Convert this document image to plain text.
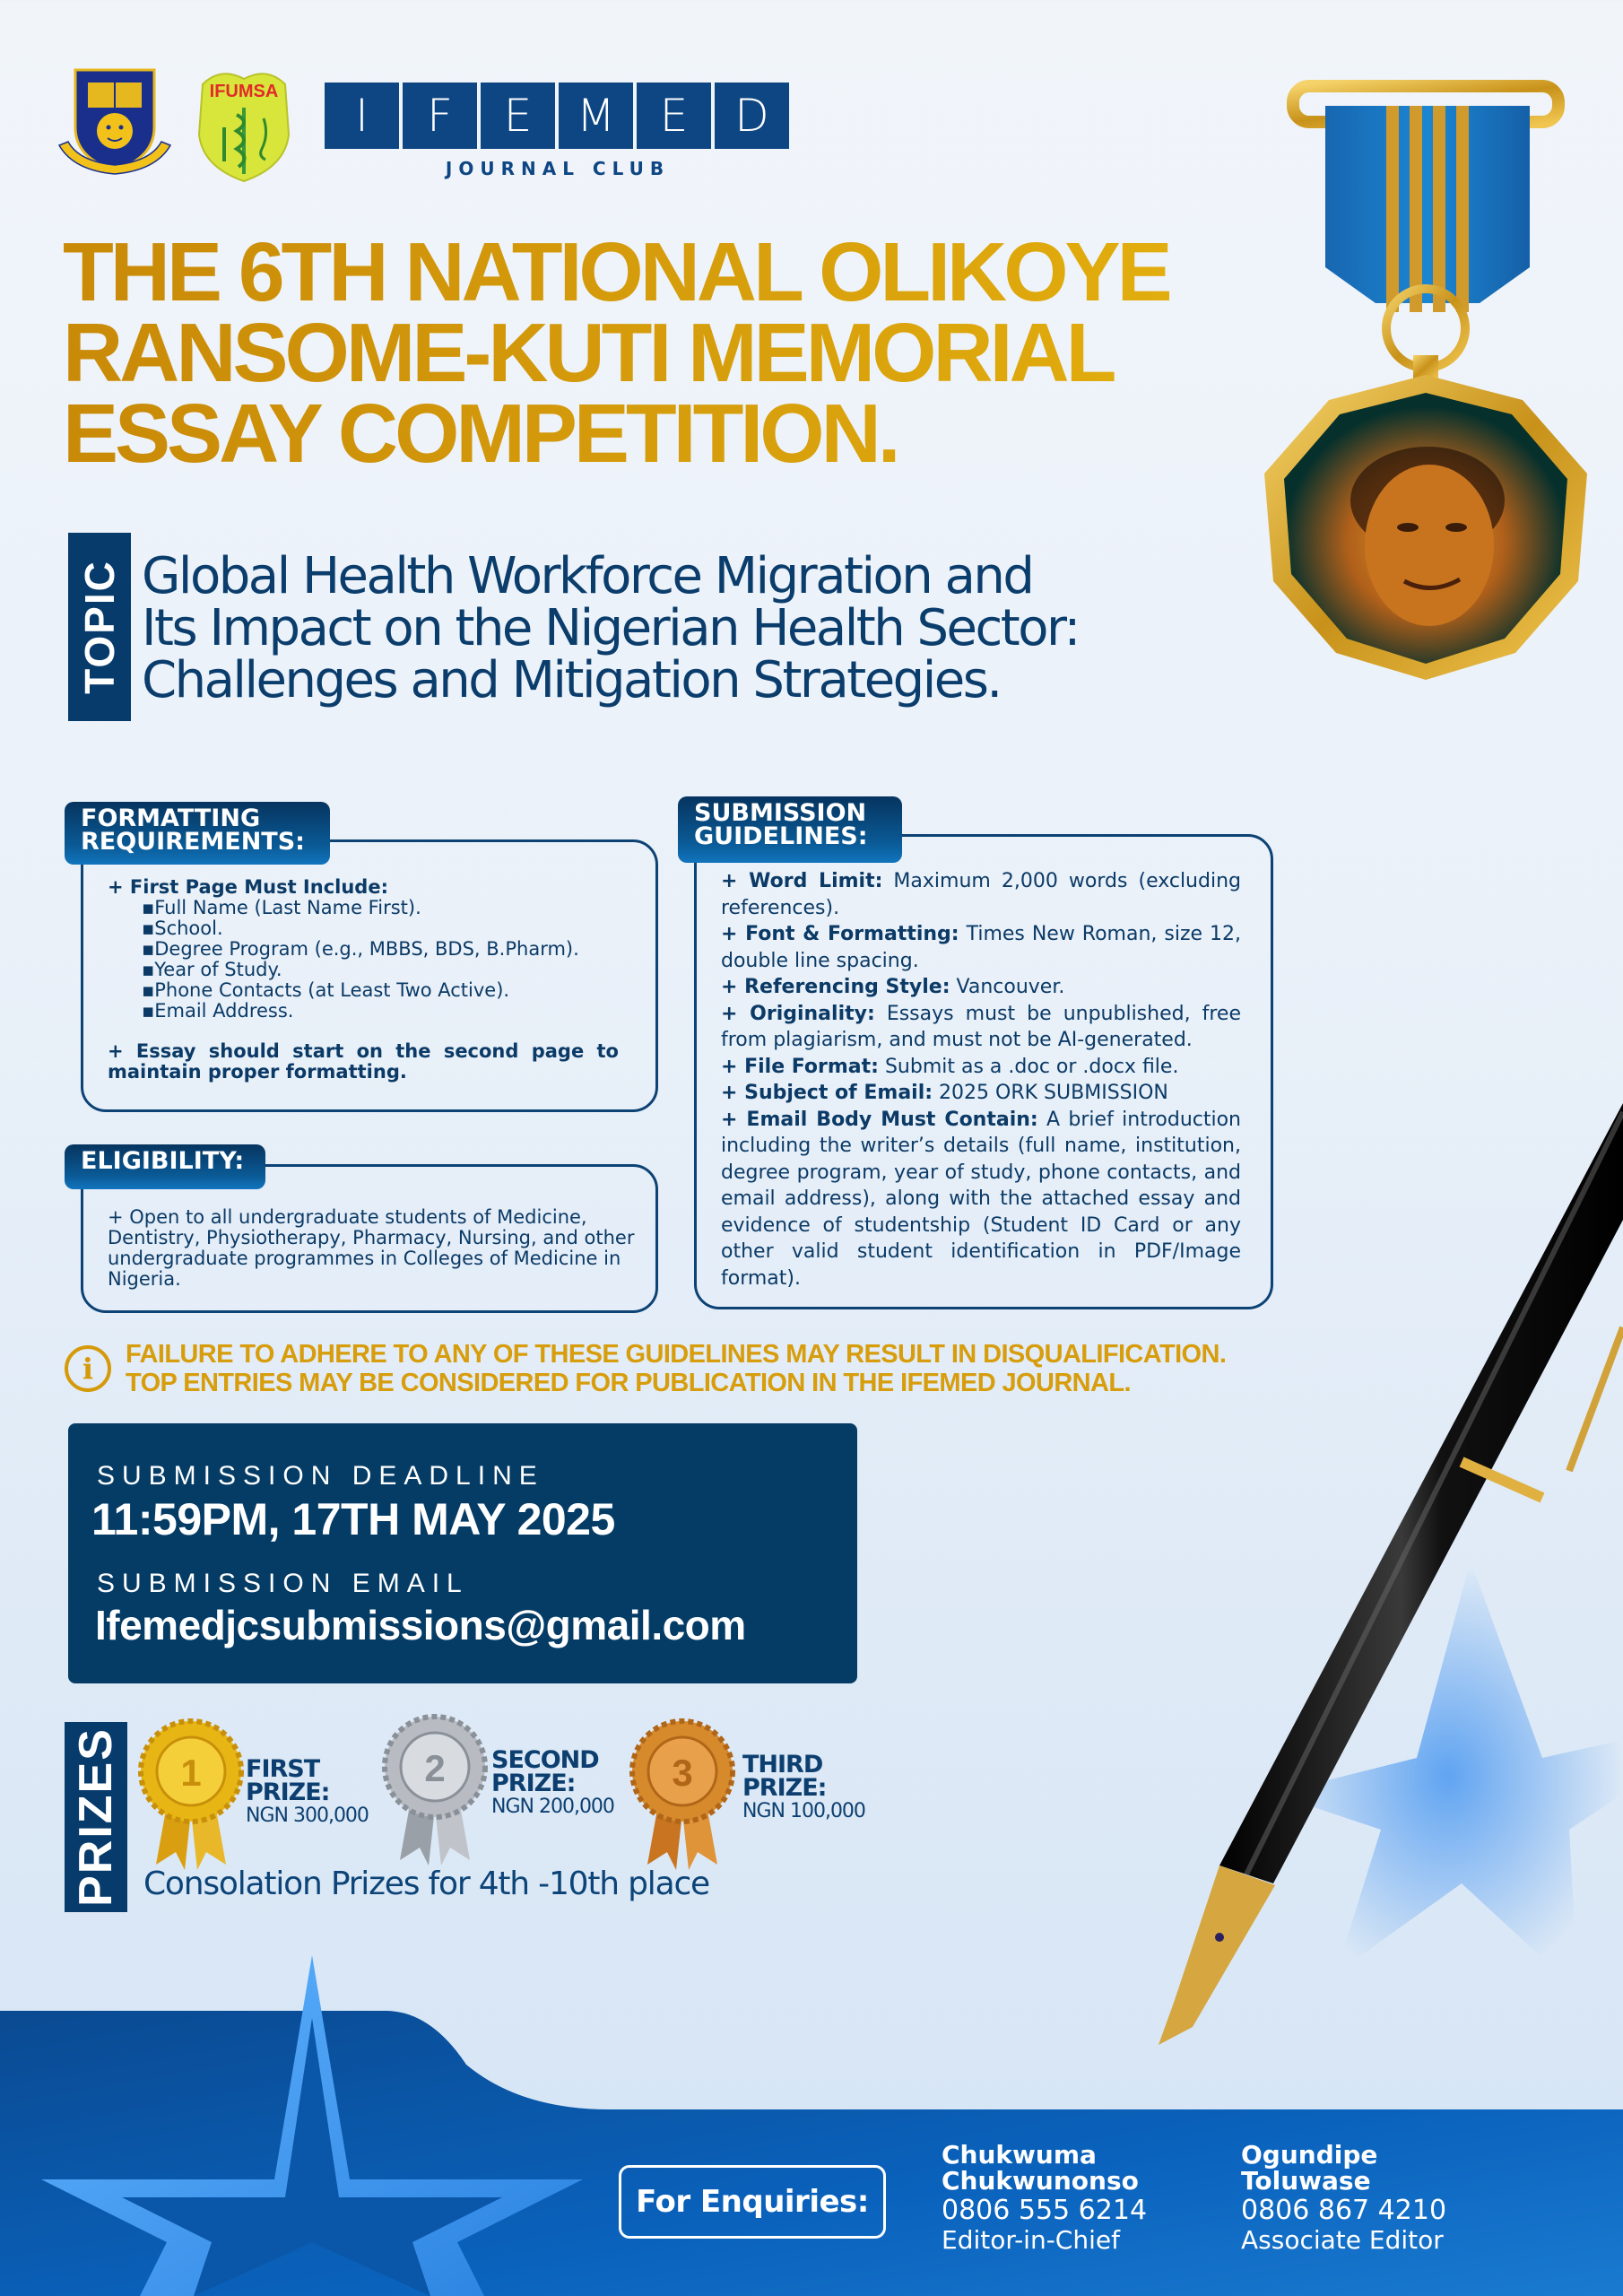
IFUMSA	I	F	E M E	D
JOURNAL CLUB
THE 6TH NATIONAL OLIKOYE
RANSOME-KUTI MEMORIAL
ESSAY COMPETITION.
TOPIC Global Health Workforce Migration and
Its Impact on the Nigerian Health Sector:
Challenges and Mitigation Strategies.
FORMATTING
REQUIREMENTS:
+ First Page Must Include:
▪Full Name (Last Name First).
▪School.
▪Degree Program (e.g., MBBS, BDS, B.Pharm).
▪Year of Study.
▪Phone Contacts (at Least Two Active).
▪Email Address.
+ Essay should start on the second page to maintain proper formatting.
ELIGIBILITY:
+ Open to all undergraduate students of Medicine, Dentistry, Physiotherapy, Pharmacy, Nursing, and other undergraduate programmes in Colleges of Medicine in Nigeria.
SUBMISSION
GUIDELINES:

+ Word Limit: Maximum 2,000 words (excluding references).

+ Font & Formatting: Times New Roman, size 12, double line spacing.

+ Referencing Style: Vancouver.

+ Originality: Essays must be unpublished, free from plagiarism, and must not be AI-generated.

+ File Format: Submit as a .doc or .docx file.

+ Subject of Email: 2025 ORK SUBMISSION

+ Email Body Must Contain: A brief introduction including the writer’s details (full name, institution, degree program, year of study, phone contacts, and email address), along with the attached essay and evidence of studentship (Student ID Card or any other valid student identification in PDF/Image format).

i	FAILURE TO ADHERE TO ANY OF THESE GUIDELINES MAY RESULT IN DISQUALIFICATION.
TOP ENTRIES MAY BE CONSIDERED FOR PUBLICATION IN THE IFEMED JOURNAL.
SUBMISSION DEADLINE
11:59PM, 17TH MAY 2025
SUBMISSION EMAIL
Ifemedjcsubmissions@gmail.com
PRIZES 1 FIRST
PRIZE:
NGN 300,000
2 SECOND
PRIZE:
NGN 200,000
3 THIRD
PRIZE:
NGN 100,000
Consolation Prizes for 4th -10th place
For Enquiries:
Chukwuma
Chukwunonso
0806 555 6214
Editor-in-Chief
Ogundipe
Toluwase
0806 867 4210
Associate Editor
